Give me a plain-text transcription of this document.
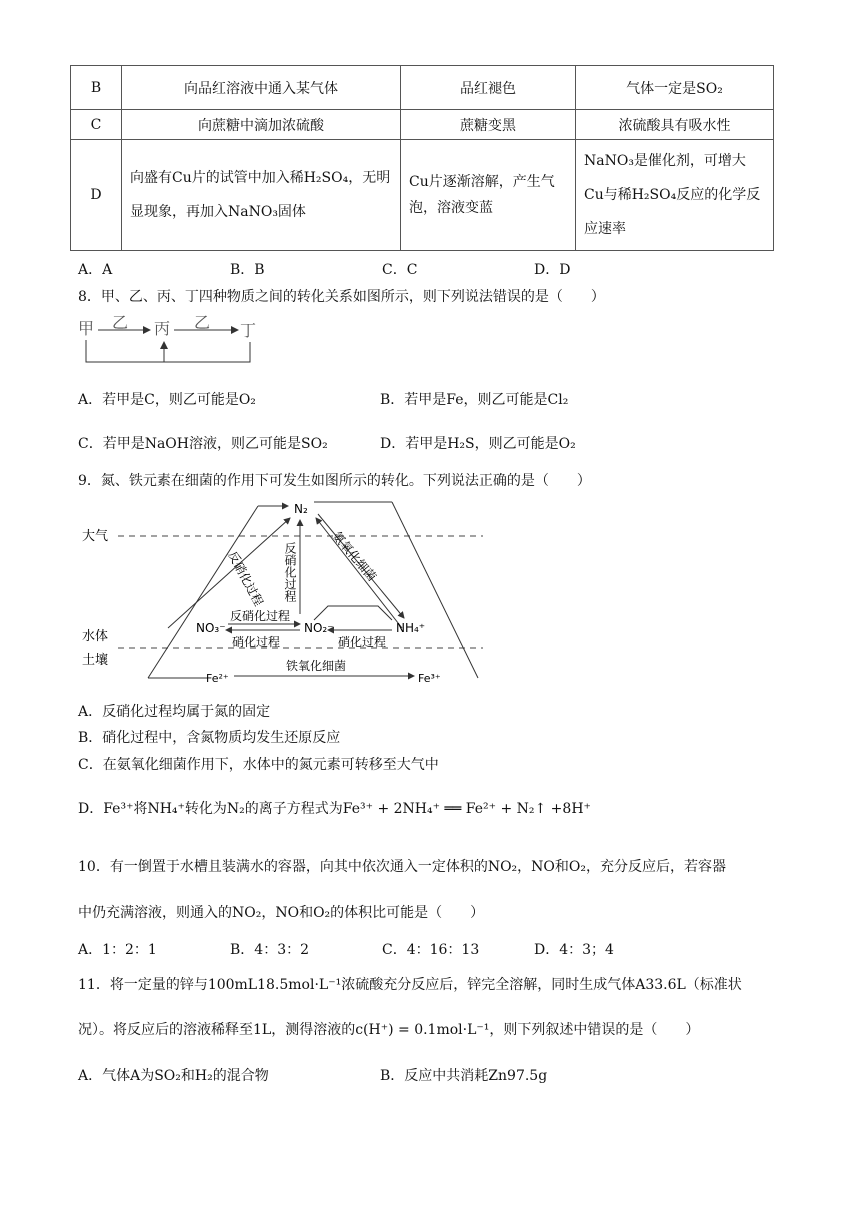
B	向品红溶液中通入某气体	品红褪色	气体一定是SO₂
C	向蔗糖中滴加浓硫酸	蔗糖变黑	浓硫酸具有吸水性
D	向盛有Cu片的试管中加入稀H₂SO₄，无明显现象，再加入NaNO₃固体	Cu片逐渐溶解，产生气泡，溶液变蓝	NaNO₃是催化剂，可增大Cu与稀H₂SO₄反应的化学反应速率
A．A	B．B	C．C	D．D
8．甲、乙、丙、丁四种物质之间的转化关系如图所示，则下列说法错误的是（　　）
甲 乙 丙 乙 丁
A．若甲是C，则乙可能是O₂	B．若甲是Fe，则乙可能是Cl₂
C．若甲是NaOH溶液，则乙可能是SO₂	D．若甲是H₂S，则乙可能是O₂
9．氮、铁元素在细菌的作用下可发生如图所示的转化。下列说法正确的是（　　）
大气
水体
土壤
N₂
反硝化过程 反硝化过程	氨氧化细菌
NO₃⁻	NO₂⁻	NH₄⁺
反硝化过程
硝化过程	硝化过程
Fe²⁺	Fe³⁺
铁氧化细菌
A．反硝化过程均属于氮的固定
B．硝化过程中，含氮物质均发生还原反应
C．在氨氧化细菌作用下，水体中的氮元素可转移至大气中
D．Fe³⁺将NH₄⁺转化为N₂的离子方程式为Fe³⁺ + 2NH₄⁺ ══ Fe²⁺ + N₂↑ +8H⁺
10．有一倒置于水槽且装满水的容器，向其中依次通入一定体积的NO₂，NO和O₂，充分反应后，若容器
中仍充满溶液，则通入的NO₂，NO和O₂的体积比可能是（　　）
A．1：2：1	B．4：3：2	C．4：16：13	D．4：3；4
11．将一定量的锌与100mL18.5mol·L⁻¹浓硫酸充分反应后，锌完全溶解，同时生成气体A33.6L（标准状
况）。将反应后的溶液稀释至1L，测得溶液的c(H⁺) = 0.1mol·L⁻¹，则下列叙述中错误的是（　　）
A．气体A为SO₂和H₂的混合物	B．反应中共消耗Zn97.5g
